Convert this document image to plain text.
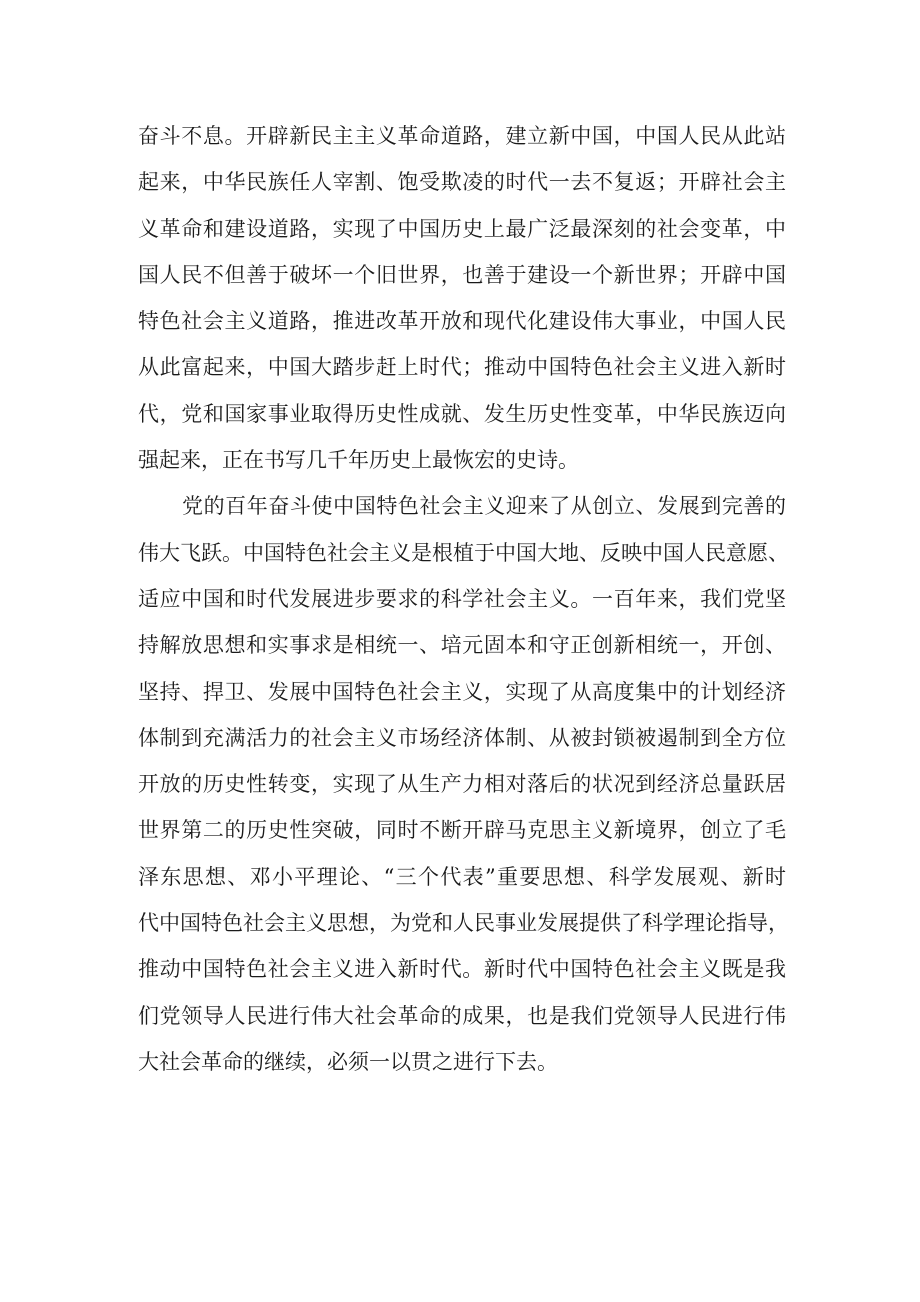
奋斗不息。开辟新民主主义革命道路，建立新中国，中国人民从此站
起来，中华民族任人宰割、饱受欺凌的时代一去不复返；开辟社会主
义革命和建设道路，实现了中国历史上最广泛最深刻的社会变革，中
国人民不但善于破坏一个旧世界，也善于建设一个新世界；开辟中国
特色社会主义道路，推进改革开放和现代化建设伟大事业，中国人民
从此富起来，中国大踏步赶上时代；推动中国特色社会主义进入新时
代，党和国家事业取得历史性成就、发生历史性变革，中华民族迈向
强起来，正在书写几千年历史上最恢宏的史诗。
党的百年奋斗使中国特色社会主义迎来了从创立、发展到完善的
伟大飞跃。中国特色社会主义是根植于中国大地、反映中国人民意愿、
适应中国和时代发展进步要求的科学社会主义。一百年来，我们党坚
持解放思想和实事求是相统一、培元固本和守正创新相统一，开创、
坚持、捍卫、发展中国特色社会主义，实现了从高度集中的计划经济
体制到充满活力的社会主义市场经济体制、从被封锁被遏制到全方位
开放的历史性转变，实现了从生产力相对落后的状况到经济总量跃居
世界第二的历史性突破，同时不断开辟马克思主义新境界，创立了毛
泽东思想、邓小平理论、“三个代表”重要思想、科学发展观、新时
代中国特色社会主义思想，为党和人民事业发展提供了科学理论指导，
推动中国特色社会主义进入新时代。新时代中国特色社会主义既是我
们党领导人民进行伟大社会革命的成果，也是我们党领导人民进行伟
大社会革命的继续，必须一以贯之进行下去。
